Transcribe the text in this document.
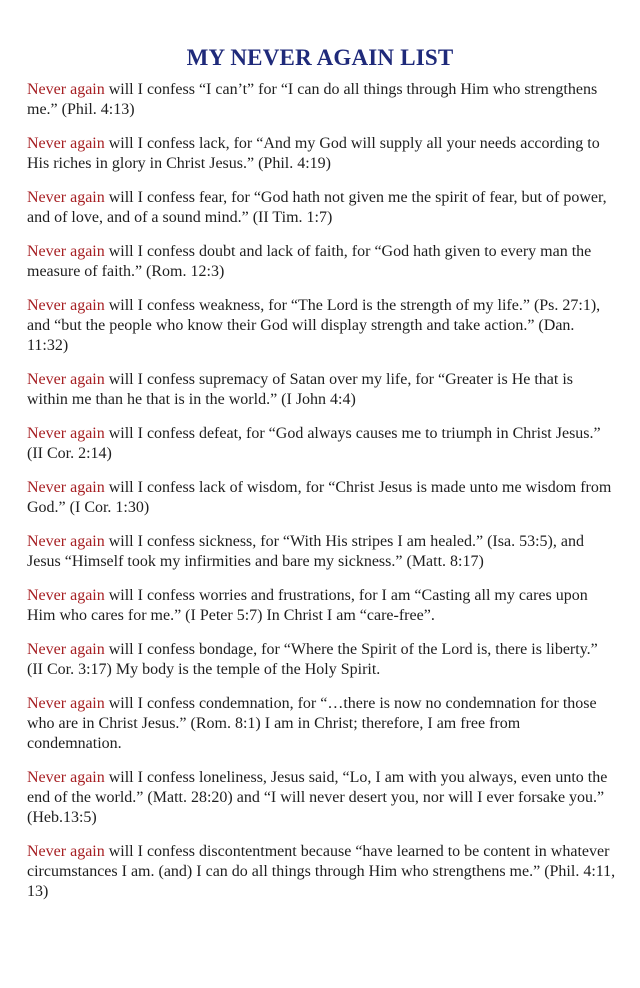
MY NEVER AGAIN LIST

Never again will I confess “I can’t” for “I can do all things through Him who strengthens me.” (Phil. 4:13)

Never again will I confess lack, for “And my God will supply all your needs according to His riches in glory in Christ Jesus.” (Phil. 4:19)

Never again will I confess fear, for “God hath not given me the spirit of fear, but of power, and of love, and of a sound mind.” (II Tim. 1:7)

Never again will I confess doubt and lack of faith, for “God hath given to every man the measure of faith.” (Rom. 12:3)

Never again will I confess weakness, for “The Lord is the strength of my life.” (Ps. 27:1), and “but the people who know their God will display strength and take action.” (Dan. 11:32)

Never again will I confess supremacy of Satan over my life, for “Greater is He that is within me than he that is in the world.” (I John 4:4)

Never again will I confess defeat, for “God always causes me to triumph in Christ Jesus.” (II Cor. 2:14)

Never again will I confess lack of wisdom, for “Christ Jesus is made unto me wisdom from God.” (I Cor. 1:30)

Never again will I confess sickness, for “With His stripes I am healed.” (Isa. 53:5), and Jesus “Himself took my infirmities and bare my sickness.” (Matt. 8:17)

Never again will I confess worries and frustrations, for I am “Casting all my cares upon Him who cares for me.” (I Peter 5:7) In Christ I am “care-free”.

Never again will I confess bondage, for “Where the Spirit of the Lord is, there is liberty.” (II Cor. 3:17) My body is the temple of the Holy Spirit.

Never again will I confess condemnation, for “…there is now no condemnation for those who are in Christ Jesus.” (Rom. 8:1) I am in Christ; therefore, I am free from condemnation.

Never again will I confess loneliness, Jesus said, “Lo, I am with you always, even unto the end of the world.” (Matt. 28:20) and “I will never desert you, nor will I ever forsake you.” (Heb.13:5)

Never again will I confess discontentment because “have learned to be content in whatever circumstances I am. (and) I can do all things through Him who strengthens me.” (Phil. 4:11, 13)
